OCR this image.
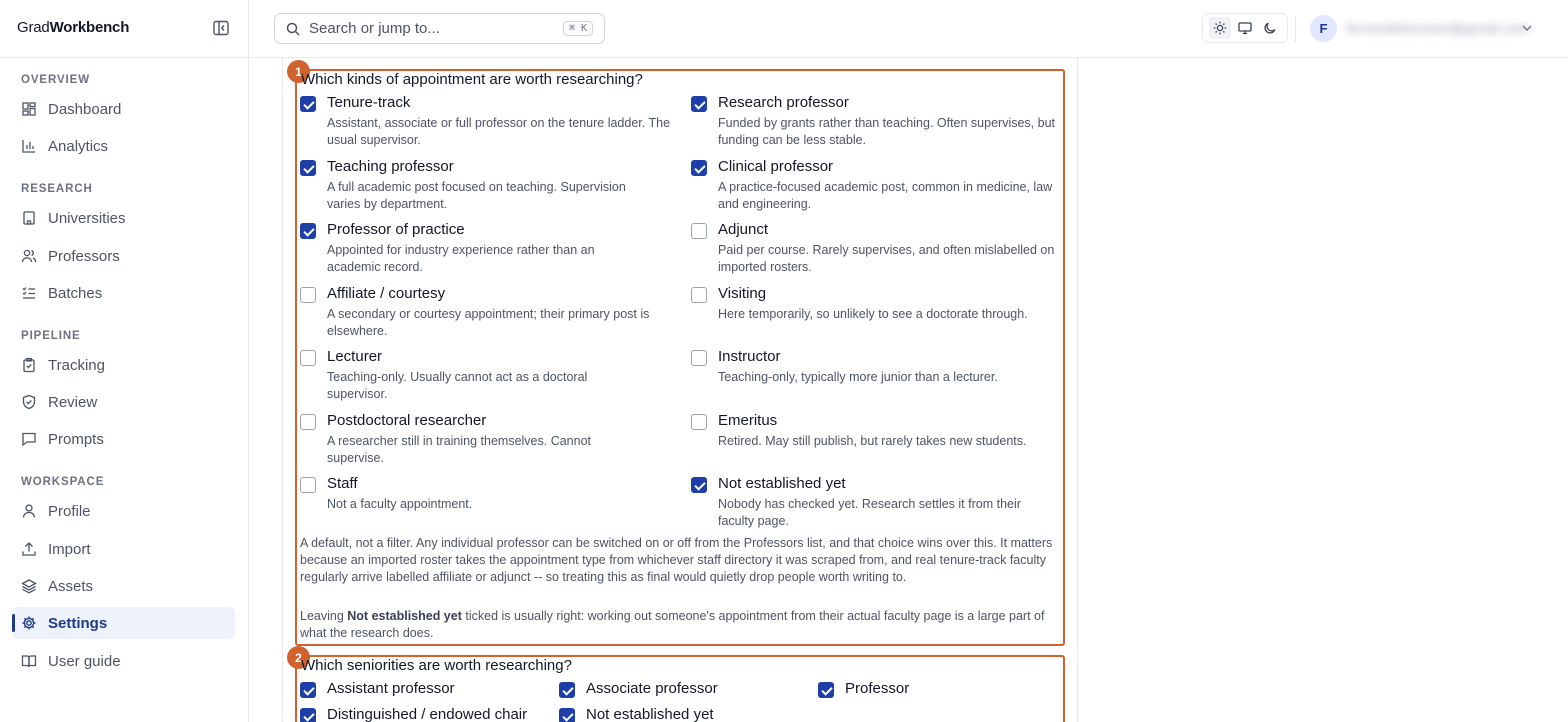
GradWorkbench
OVERVIEW
Dashboard
Analytics
RESEARCH
Universities
Professors
Batches
PIPELINE
Tracking
Review
Prompts
WORKSPACE
Profile
Import
Assets
Settings
User guide
Search or jump to...
⌘ K	F	fernandotrevisan@gmail.com
1 Which kinds of appointment are worth researching?
Tenure-track
Assistant, associate or full professor on the tenure ladder. The usual supervisor.
Research professor
Funded by grants rather than teaching. Often supervises, but funding can be less stable.
Teaching professor
A full academic post focused on teaching. Supervision varies by department.
Clinical professor
A practice-focused academic post, common in medicine, law and engineering.
Professor of practice
Appointed for industry experience rather than an academic record.
Adjunct
Paid per course. Rarely supervises, and often mislabelled on imported rosters.
Affiliate / courtesy
A secondary or courtesy appointment; their primary post is elsewhere.
Visiting
Here temporarily, so unlikely to see a doctorate through.
Lecturer
Teaching-only. Usually cannot act as a doctoral supervisor.
Instructor
Teaching-only, typically more junior than a lecturer.
Postdoctoral researcher
A researcher still in training themselves. Cannot supervise.
Emeritus
Retired. May still publish, but rarely takes new students.
Staff
Not a faculty appointment.
Not established yet
Nobody has checked yet. Research settles it from their faculty page.
A default, not a filter. Any individual professor can be switched on or off from the Professors list, and that choice wins over this. It matters because an imported roster takes the appointment type from whichever staff directory it was scraped from, and real tenure-track faculty regularly arrive labelled affiliate or adjunct -- so treating this as final would quietly drop people worth writing to.
Leaving Not established yet ticked is usually right: working out someone's appointment from their actual faculty page is a large part of what the research does.
2 Which seniorities are worth researching?
Assistant professor	Associate professor	Professor
Distinguished / endowed chair	Not established yet
